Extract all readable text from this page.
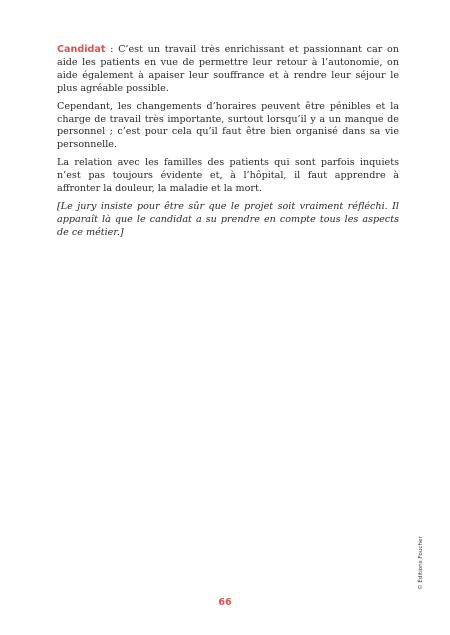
Candidat : C’est un travail très enrichissant et passionnant car on aide les patients en vue de permettre leur retour à l’autonomie, on aide également à apaiser leur souffrance et à rendre leur séjour le plus agréable possible.

Cependant, les changements d’horaires peuvent être pénibles et la charge de travail très importante, surtout lorsqu’il y a un manque de personnel ; c’est pour cela qu’il faut être bien organisé dans sa vie personnelle.

La relation avec les familles des patients qui sont parfois inquiets n’est pas toujours évidente et, à l’hôpital, il faut apprendre à affronter la douleur, la maladie et la mort.

[Le jury insiste pour être sûr que le projet soit vraiment réfléchi. Il apparaît là que le candidat a su prendre en compte tous les aspects de ce métier.]

© Éditions Foucher
66
